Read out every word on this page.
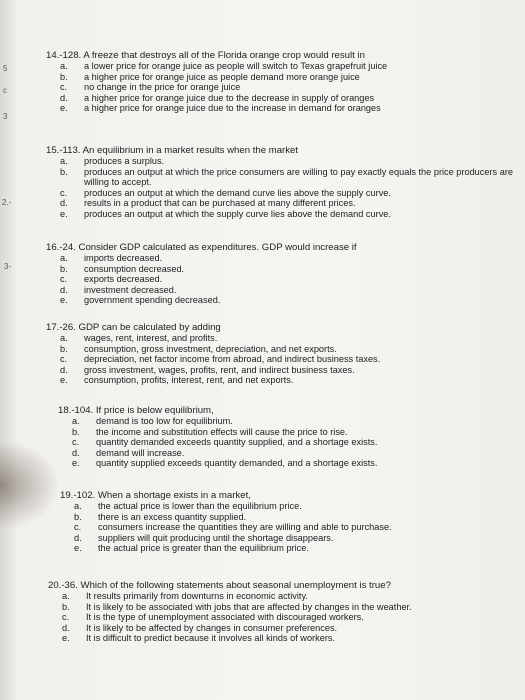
5
c
3
2.-
3-
14.-128. A freeze that destroys all of the Florida orange crop would result in
a.	a lower price for orange juice as people will switch to Texas grapefruit juice
b.	a higher price for orange juice as people demand more orange juice
c.	no change in the price for orange juice
d.	a higher price for orange juice due to the decrease in supply of oranges
e.	a higher price for orange juice due to the increase in demand for oranges
15.-113. An equilibrium in a market results when the market
a.	produces a surplus.
b.	produces an output at which the price consumers are willing to pay exactly equals the price producers are willing to accept.
c.	produces an output at which the demand curve lies above the supply curve.
d.	results in a product that can be purchased at many different prices.
e.	produces an output at which the supply curve lies above the demand curve.
16.-24. Consider GDP calculated as expenditures. GDP would increase if
a.	imports decreased.
b.	consumption decreased.
c.	exports decreased.
d.	investment decreased.
e.	government spending decreased.
17.-26. GDP can be calculated by adding
a.	wages, rent, interest, and profits.
b.	consumption, gross investment, depreciation, and net exports.
c.	depreciation, net factor income from abroad, and indirect business taxes.
d.	gross investment, wages, profits, rent, and indirect business taxes.
e.	consumption, profits, interest, rent, and net exports.
18.-104. If price is below equilibrium,
a.	demand is too low for equilibrium.
b.	the income and substitution effects will cause the price to rise.
c.	quantity demanded exceeds quantity supplied, and a shortage exists.
d.	demand will increase.
e.	quantity supplied exceeds quantity demanded, and a shortage exists.
19.-102. When a shortage exists in a market,
a.	the actual price is lower than the equilibrium price.
b.	there is an excess quantity supplied.
c.	consumers increase the quantities they are willing and able to purchase.
d.	suppliers will quit producing until the shortage disappears.
e.	the actual price is greater than the equilibrium price.
20.-36. Which of the following statements about seasonal unemployment is true?
a.	It results primarily from downturns in economic activity.
b.	It is likely to be associated with jobs that are affected by changes in the weather.
c.	It is the type of unemployment associated with discouraged workers.
d.	It is likely to be affected by changes in consumer preferences.
e.	It is difficult to predict because it involves all kinds of workers.
